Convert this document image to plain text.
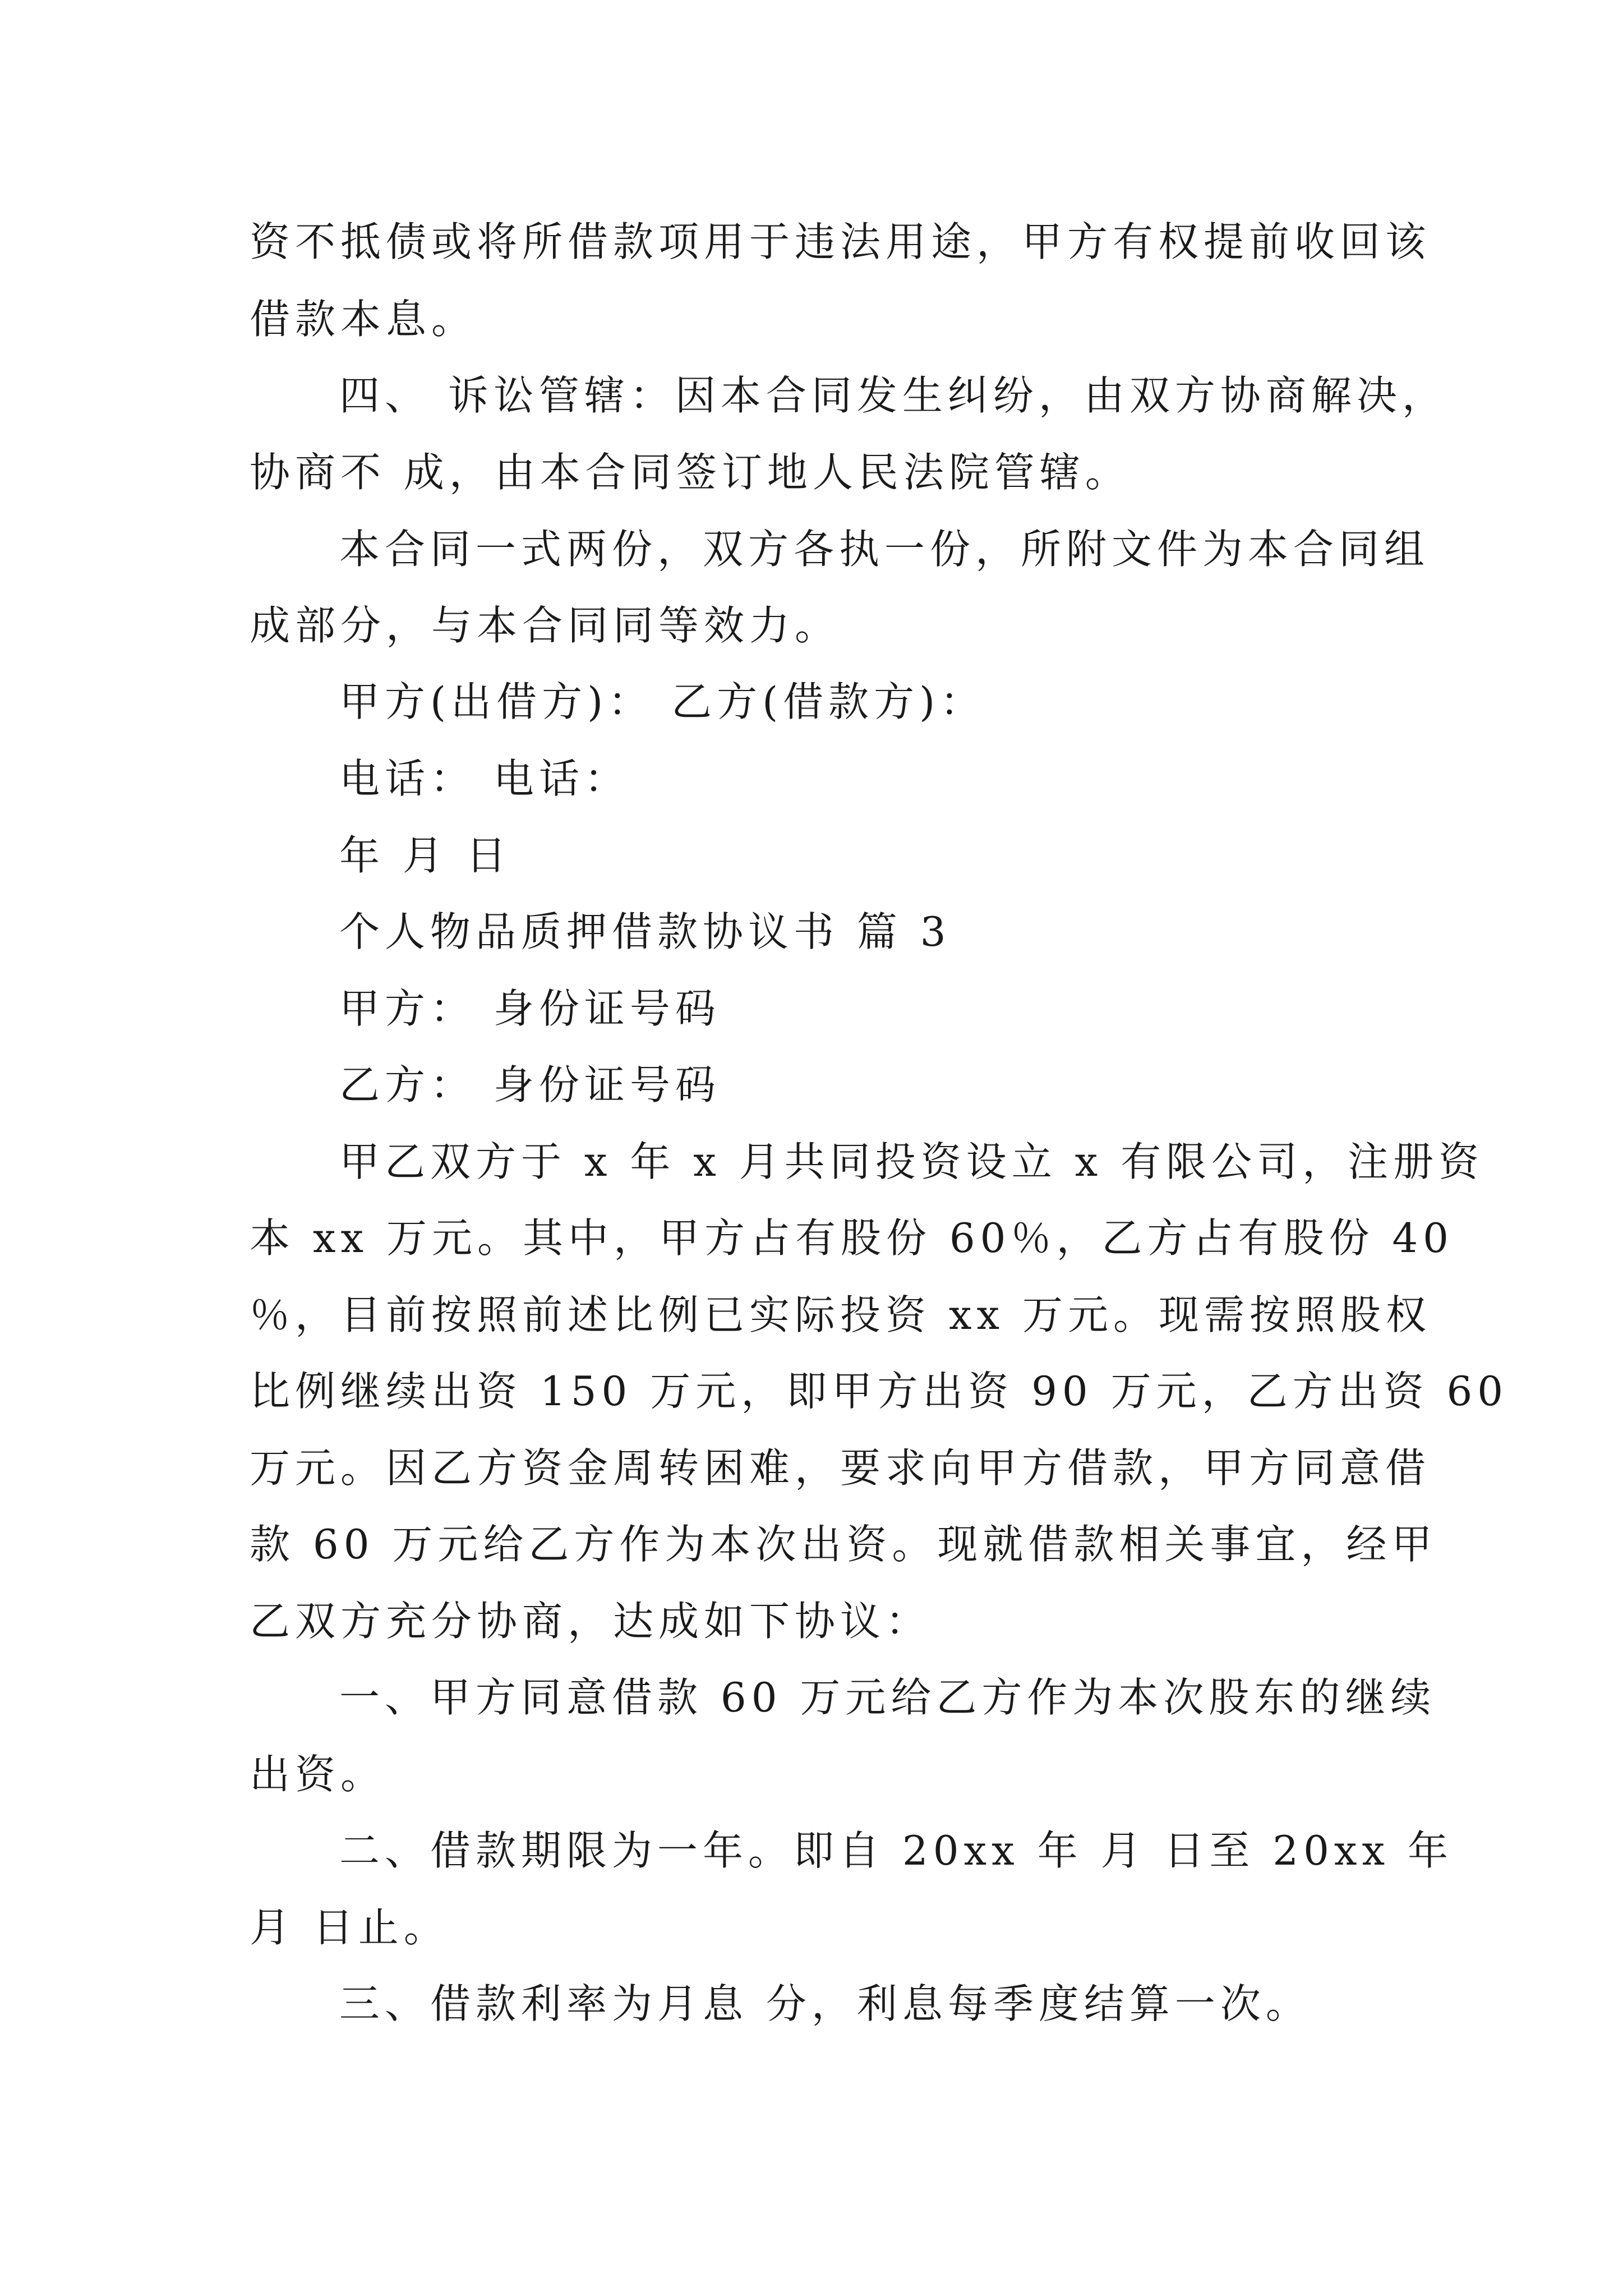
资不抵债或将所借款项用于违法用途，甲方有权提前收回该
借款本息。
四、 诉讼管辖：因本合同发生纠纷，由双方协商解决，
协商不 成，由本合同签订地人民法院管辖。
本合同一式两份，双方各执一份，所附文件为本合同组
成部分，与本合同同等效力。
甲方(出借方)： 乙方(借款方)：
电话： 电话：
年 月 日
个人物品质押借款协议书 篇 3
甲方： 身份证号码
乙方： 身份证号码
甲乙双方于 x 年 x 月共同投资设立 x 有限公司，注册资
本 xx 万元。其中，甲方占有股份 60％，乙方占有股份 40
％，目前按照前述比例已实际投资 xx 万元。现需按照股权
比例继续出资 150 万元，即甲方出资 90 万元，乙方出资 60
万元。因乙方资金周转困难，要求向甲方借款，甲方同意借
款 60 万元给乙方作为本次出资。现就借款相关事宜，经甲
乙双方充分协商，达成如下协议：
一、甲方同意借款 60 万元给乙方作为本次股东的继续
出资。
二、借款期限为一年。即自 20xx 年 月 日至 20xx 年
月 日止。
三、借款利率为月息 分，利息每季度结算一次。
